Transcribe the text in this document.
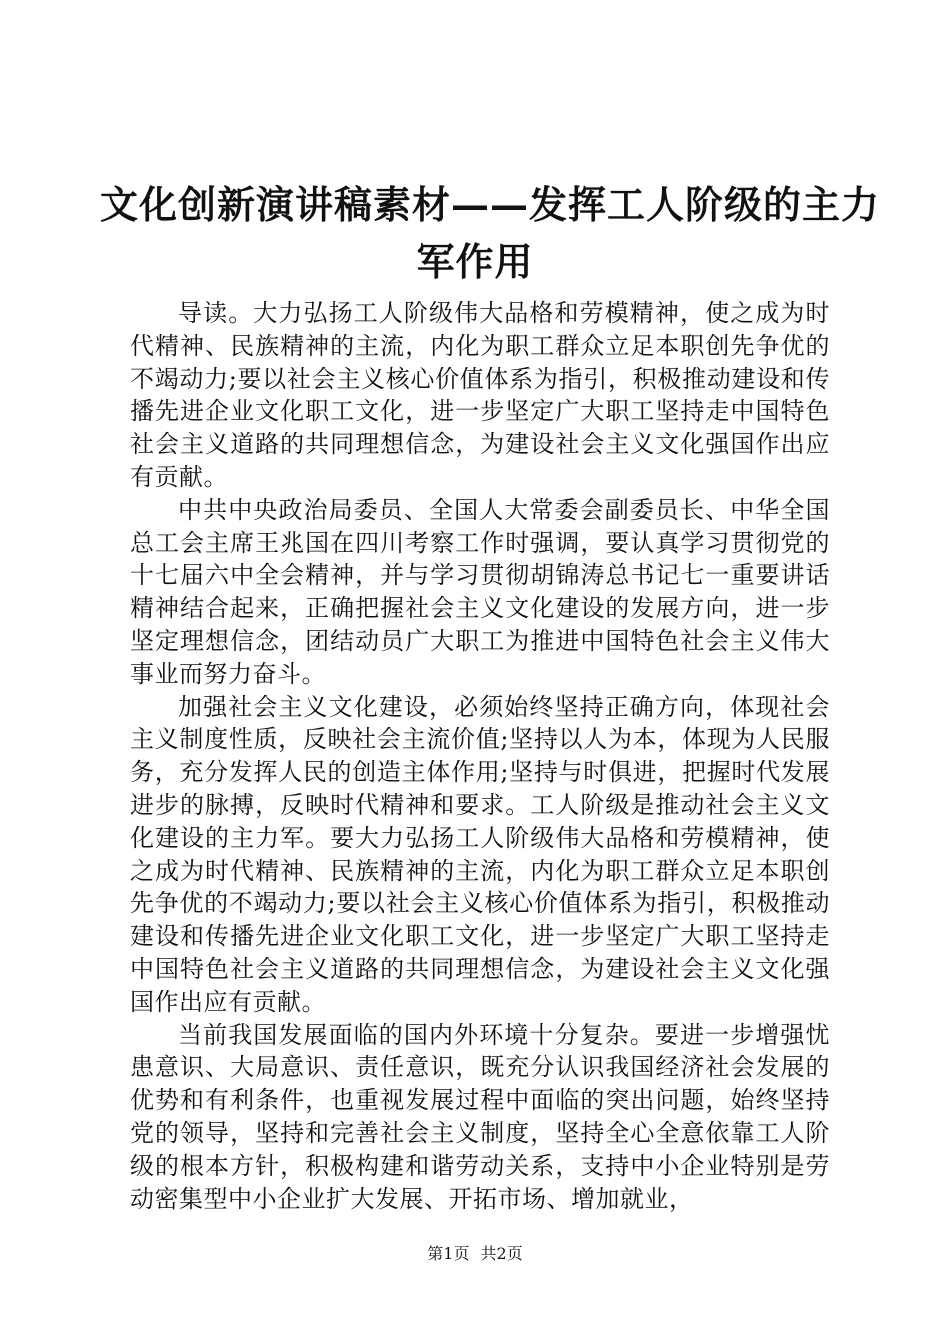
文化创新演讲稿素材——发挥工人阶级的主力
军作用

导读。大力弘扬工人阶级伟大品格和劳模精神，使之成为时代精神、民族精神的主流，内化为职工群众立足本职创先争优的不竭动力;要以社会主义核心价值体系为指引，积极推动建设和传播先进企业文化职工文化，进一步坚定广大职工坚持走中国特色社会主义道路的共同理想信念，为建设社会主义文化强国作出应有贡献。

中共中央政治局委员、全国人大常委会副委员长、中华全国总工会主席王兆国在四川考察工作时强调，要认真学习贯彻党的十七届六中全会精神，并与学习贯彻胡锦涛总书记七一重要讲话精神结合起来，正确把握社会主义文化建设的发展方向，进一步坚定理想信念，团结动员广大职工为推进中国特色社会主义伟大事业而努力奋斗。

加强社会主义文化建设，必须始终坚持正确方向，体现社会主义制度性质，反映社会主流价值;坚持以人为本，体现为人民服务，充分发挥人民的创造主体作用;坚持与时俱进，把握时代发展进步的脉搏，反映时代精神和要求。工人阶级是推动社会主义文化建设的主力军。要大力弘扬工人阶级伟大品格和劳模精神，使之成为时代精神、民族精神的主流，内化为职工群众立足本职创先争优的不竭动力;要以社会主义核心价值体系为指引，积极推动建设和传播先进企业文化职工文化，进一步坚定广大职工坚持走中国特色社会主义道路的共同理想信念，为建设社会主义文化强国作出应有贡献。

当前我国发展面临的国内外环境十分复杂。要进一步增强忧患意识、大局意识、责任意识，既充分认识我国经济社会发展的优势和有利条件，也重视发展过程中面临的突出问题，始终坚持党的领导，坚持和完善社会主义制度，坚持全心全意依靠工人阶级的根本方针，积极构建和谐劳动关系，支持中小企业特别是劳动密集型中小企业扩大发展、开拓市场、增加就业，

第1页 共2页
